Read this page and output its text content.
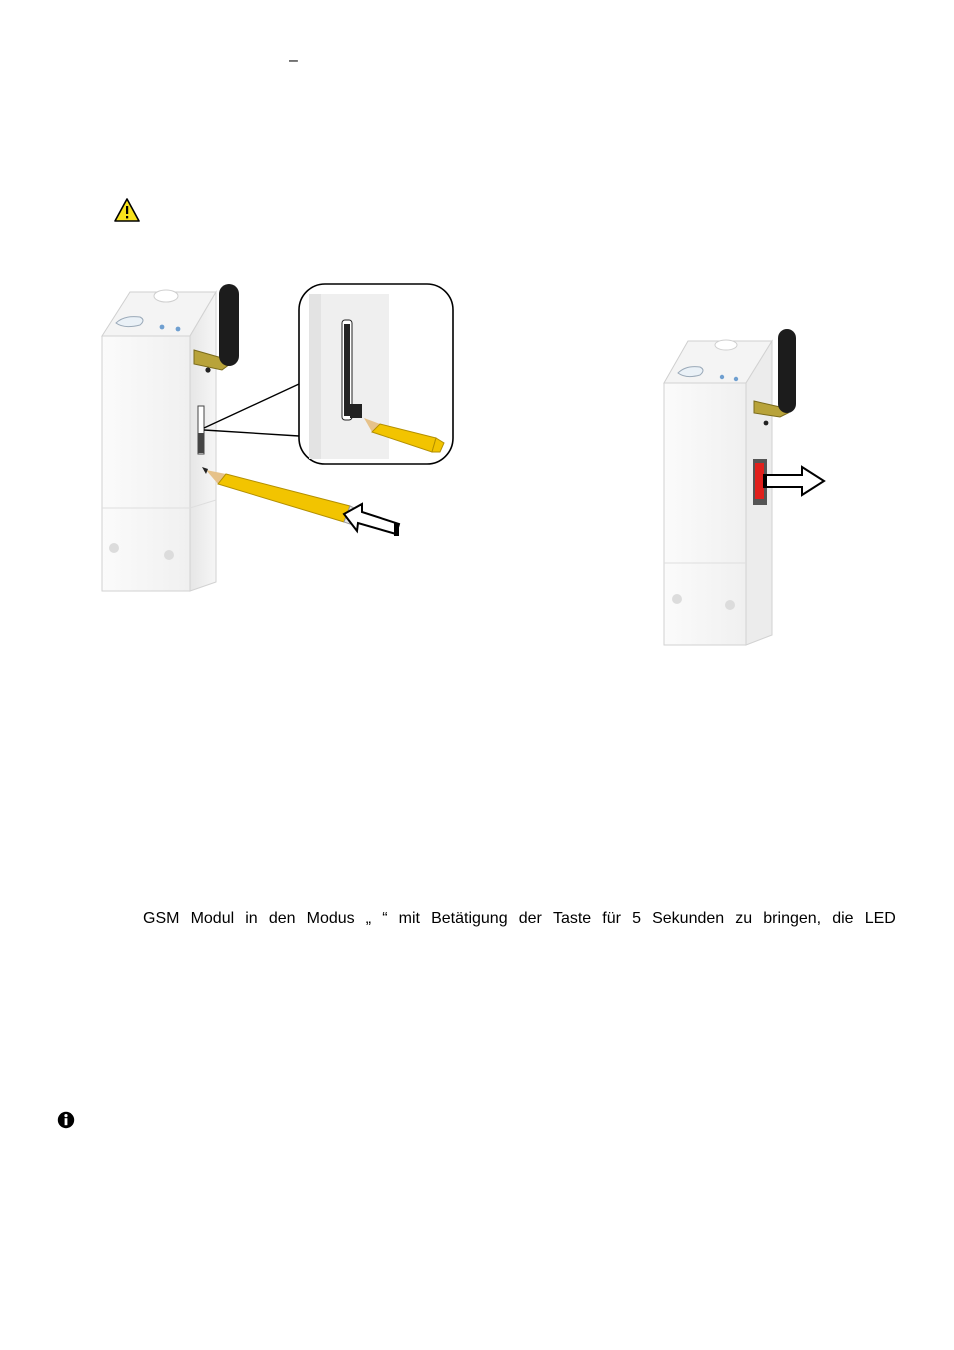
–
GSM Modul in den Modus „ “ mit Betätigung der Taste für 5 Sekunden zu bringen, die LED
